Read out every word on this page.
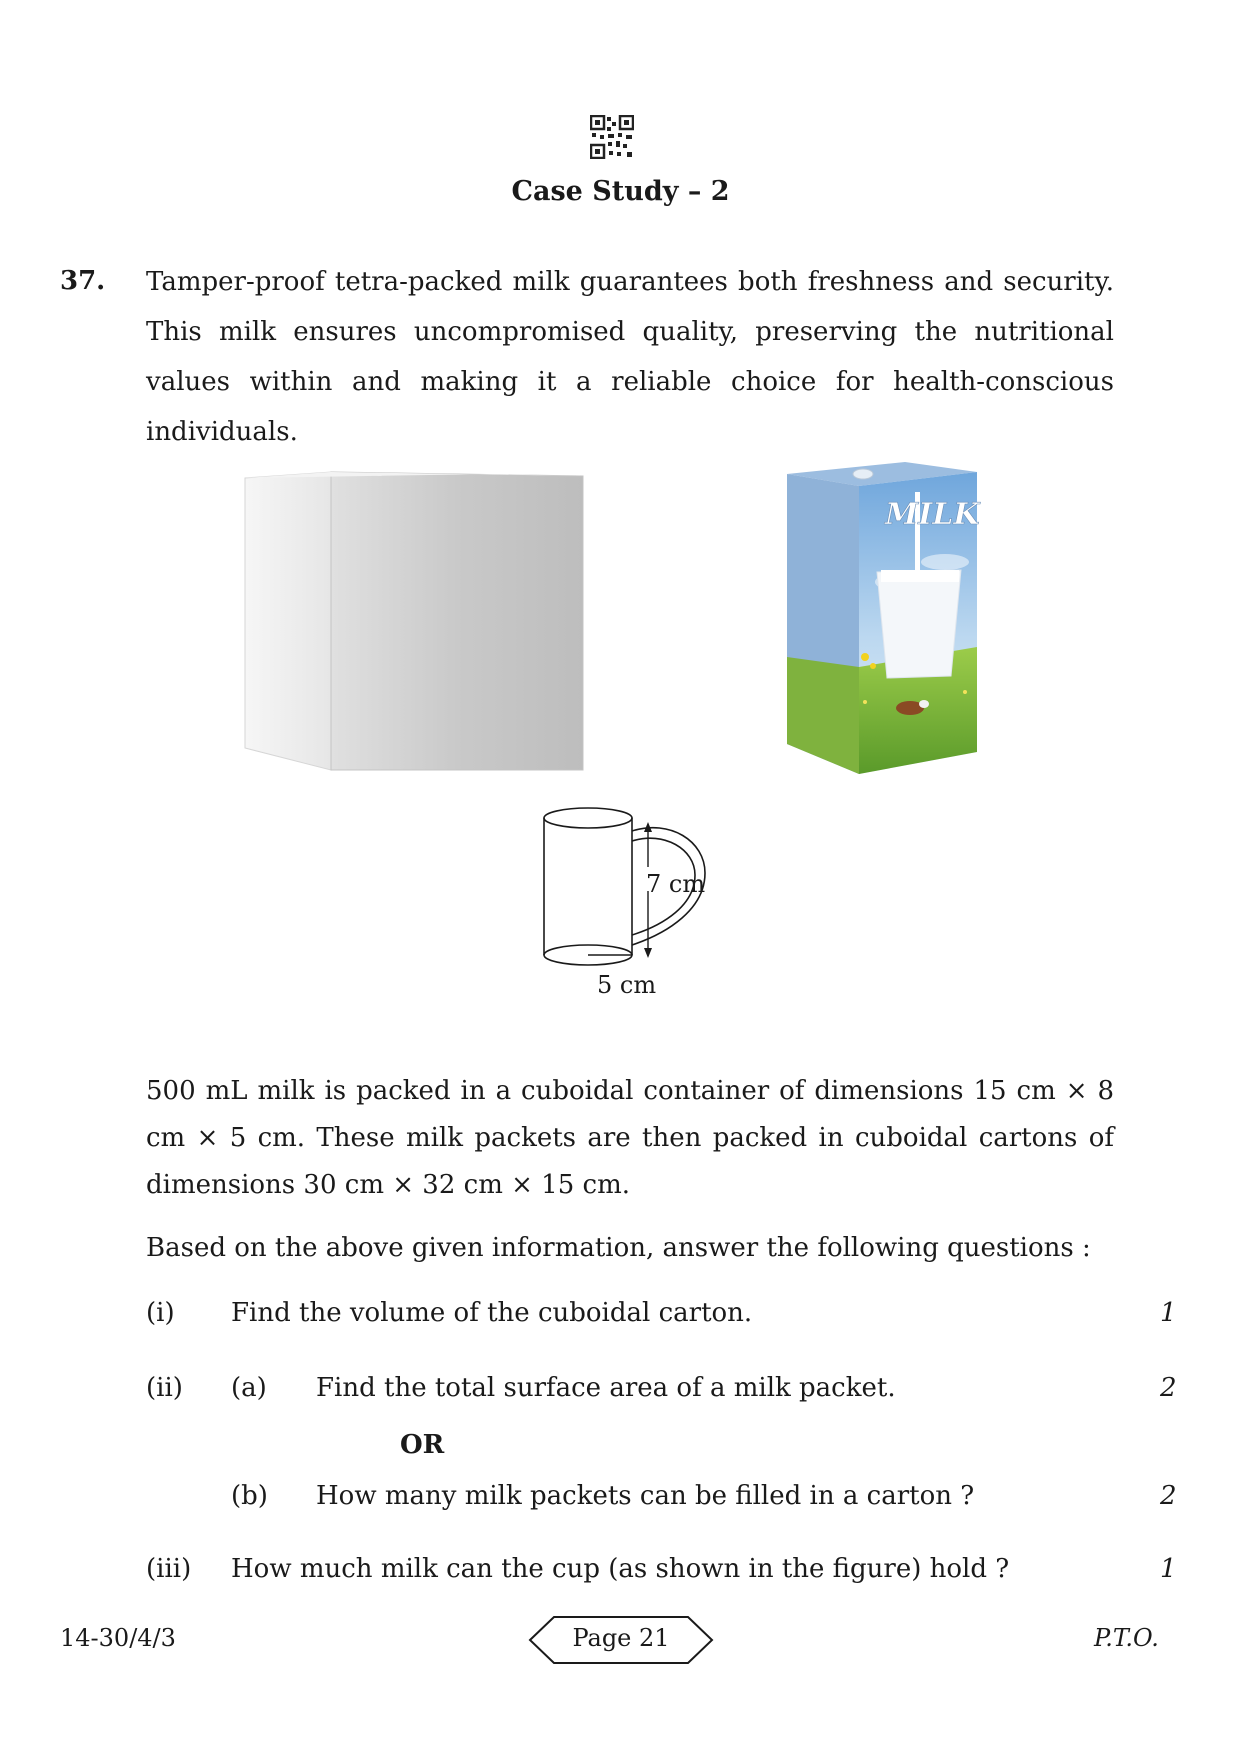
Case Study – 2
37. Tamper-proof tetra-packed milk guarantees both freshness and security. This milk ensures uncompromised quality, preserving the nutritional values within and making it a reliable choice for health-conscious individuals.
MILK
7 cm
5 cm
500 mL milk is packed in a cuboidal container of dimensions 15 cm × 8 cm × 5 cm. These milk packets are then packed in cuboidal cartons of dimensions 30 cm × 32 cm × 15 cm.
Based on the above given information, answer the following questions :
(i) Find the volume of the cuboidal carton.	1
(ii) (a) Find the total surface area of a milk packet.	2
OR
(b) How many milk packets can be filled in a carton ?	2
(iii) How much milk can the cup (as shown in the figure) hold ?	1
14-30/4/3	Page 21	P.T.O.
